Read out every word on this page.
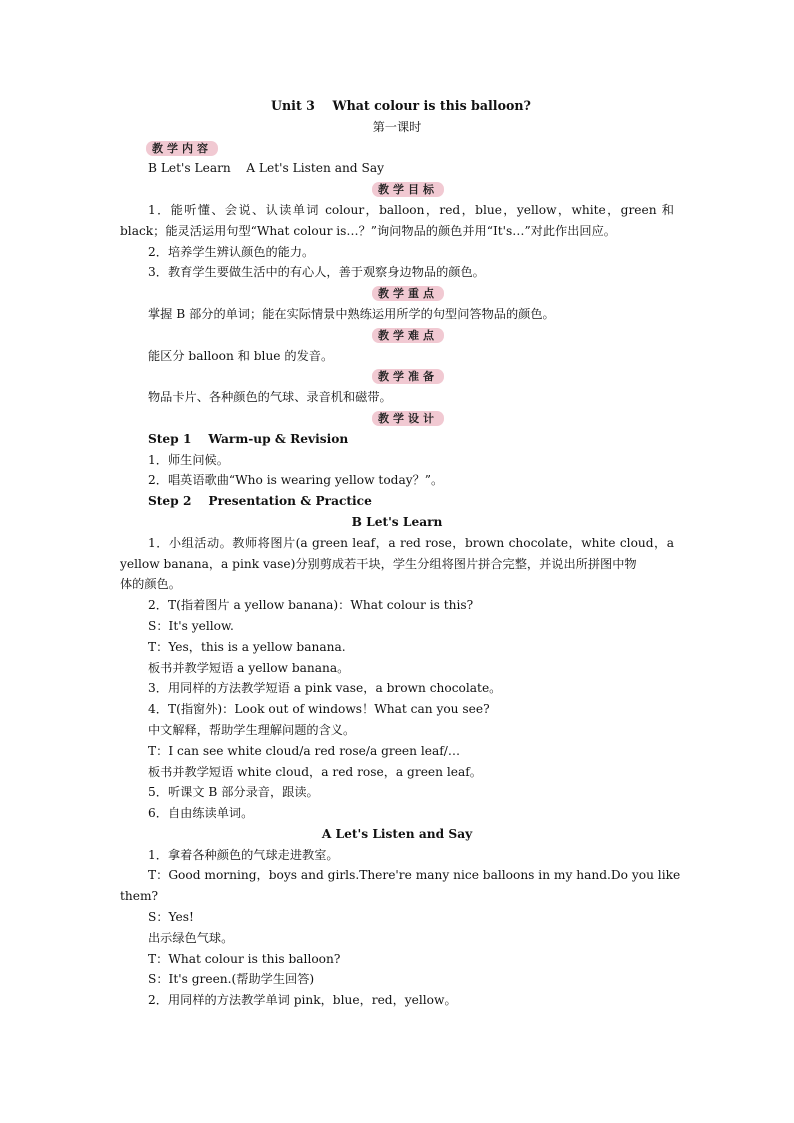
Unit 3    What colour is this balloon?
第一课时
教学内容
B Let's Learn    A Let's Listen and Say
教学目标
1．能听懂、会说、认读单词 colour，balloon，red，blue，yellow，white，green 和
black；能灵活运用句型“What colour is…？”询问物品的颜色并用“It's…”对此作出回应。
2．培养学生辨认颜色的能力。
3．教育学生要做生活中的有心人，善于观察身边物品的颜色。
教学重点
掌握 B 部分的单词；能在实际情景中熟练运用所学的句型问答物品的颜色。
教学难点
能区分 balloon 和 blue 的发音。
教学准备
物品卡片、各种颜色的气球、录音机和磁带。
教学设计
Step 1    Warm-up & Revision
1．师生问候。
2．唱英语歌曲“Who is wearing yellow today？”。
Step 2    Presentation & Practice
B Let's Learn
1．小组活动。教师将图片(a green leaf，a red rose，brown chocolate，white cloud，a
yellow banana，a pink vase)分别剪成若干块，学生分组将图片拼合完整，并说出所拼图中物
体的颜色。
2．T(指着图片 a yellow banana)：What colour is this?
S：It's yellow.
T：Yes，this is a yellow banana.
板书并教学短语 a yellow banana。
3．用同样的方法教学短语 a pink vase，a brown chocolate。
4．T(指窗外)：Look out of windows！What can you see?
中文解释，帮助学生理解问题的含义。
T：I can see white cloud/a red rose/a green leaf/…
板书并教学短语 white cloud，a red rose，a green leaf。
5．听课文 B 部分录音，跟读。
6．自由练读单词。
A Let's Listen and Say
1．拿着各种颜色的气球走进教室。
T：Good morning，boys and girls.There're many nice balloons in my hand.Do you like
them?
S：Yes!
出示绿色气球。
T：What colour is this balloon?
S：It's green.(帮助学生回答)
2．用同样的方法教学单词 pink，blue，red，yellow。
